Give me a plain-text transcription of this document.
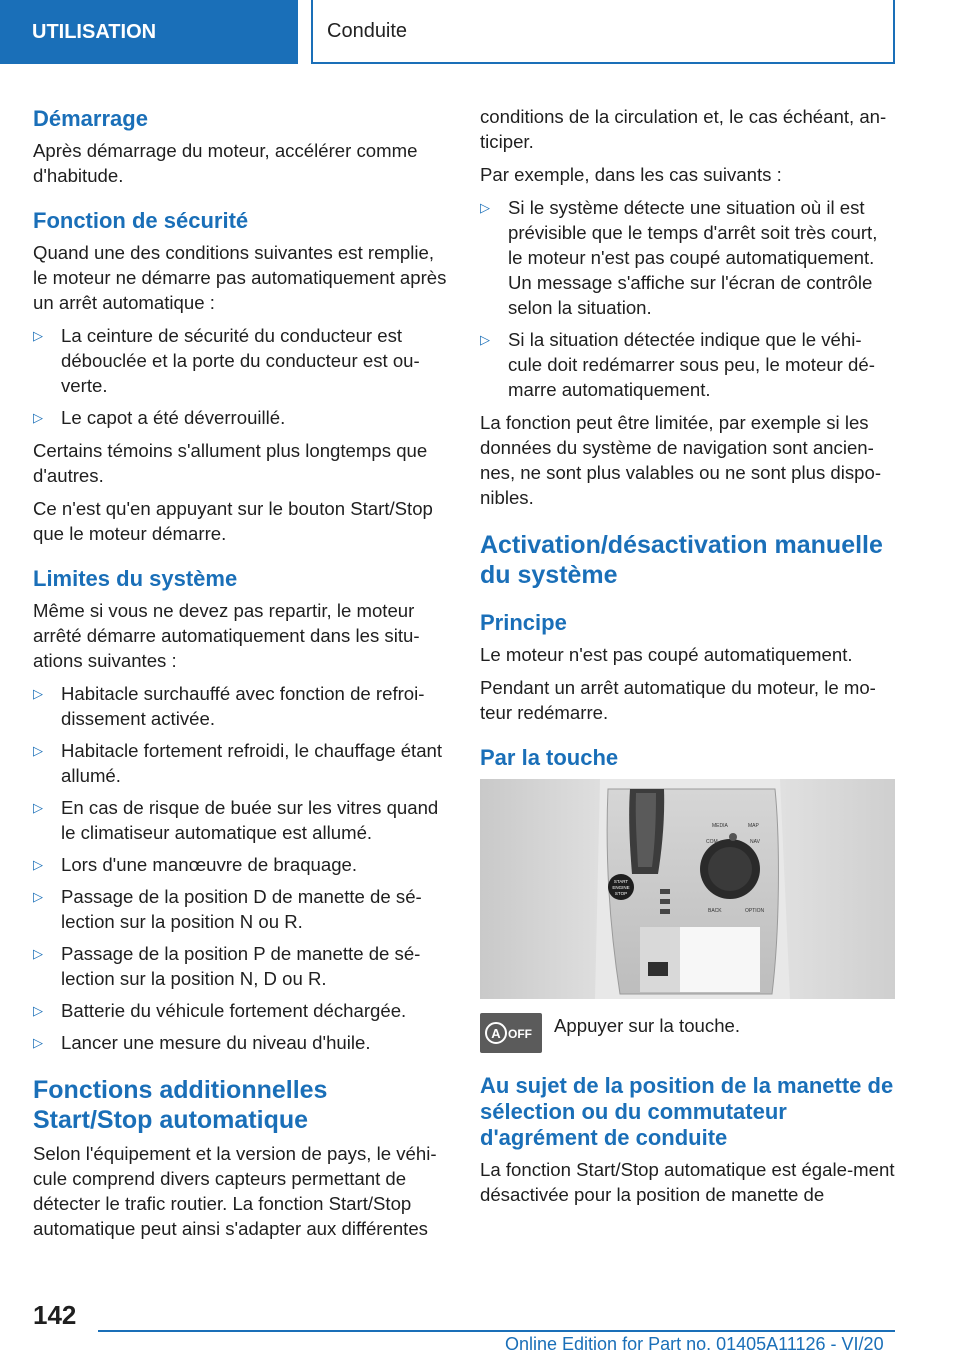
UTILISATION	Conduite
Démarrage

Après démarrage du moteur, accélérer comme d'habitude.

Fonction de sécurité

Quand une des conditions suivantes est remplie, le moteur ne démarre pas automatiquement après un arrêt automatique :

▷ La ceinture de sécurité du conducteur est débouclée et la porte du conducteur est ou-verte.
▷ Le capot a été déverrouillé.

Certains témoins s'allument plus longtemps que d'autres.

Ce n'est qu'en appuyant sur le bouton Start/Stop que le moteur démarre.

Limites du système

Même si vous ne devez pas repartir, le moteur arrêté démarre automatiquement dans les situ-ations suivantes :

▷ Habitacle surchauffé avec fonction de refroi-dissement activée.
▷ Habitacle fortement refroidi, le chauffage étant allumé.
▷ En cas de risque de buée sur les vitres quand le climatiseur automatique est allumé.
▷ Lors d'une manœuvre de braquage.
▷ Passage de la position D de manette de sé-lection sur la position N ou R.
▷ Passage de la position P de manette de sé-lection sur la position N, D ou R.
▷ Batterie du véhicule fortement déchargée.
▷ Lancer une mesure du niveau d'huile.
Fonctions additionnelles Start/Stop automatique

Selon l'équipement et la version de pays, le véhi-cule comprend divers capteurs permettant de détecter le trafic routier. La fonction Start/Stop automatique peut ainsi s'adapter aux différentes

conditions de la circulation et, le cas échéant, an-ticiper.

Par exemple, dans les cas suivants :

▷ Si le système détecte une situation où il est prévisible que le temps d'arrêt soit très court, le moteur n'est pas coupé automatiquement. Un message s'affiche sur l'écran de contrôle selon la situation.
▷ Si la situation détectée indique que le véhi-cule doit redémarrer sous peu, le moteur dé-marre automatiquement.

La fonction peut être limitée, par exemple si les données du système de navigation sont ancien-nes, ne sont plus valables ou ne sont plus dispo-nibles.

Activation/désactivation manuelle du système
Principe

Le moteur n'est pas coupé automatiquement.

Pendant un arrêt automatique du moteur, le mo-teur redémarre.

Par la touche
START
ENGINE
STOP
MEDIA	MAP
COM	NAV
BACK	OPTION
A OFF Appuyer sur la touche.
Au sujet de la position de la manette de sélection ou du commutateur d'agrément de conduite

La fonction Start/Stop automatique est égale-ment désactivée pour la position de manette de

142
Online Edition for Part no. 01405A11126 - VI/20
